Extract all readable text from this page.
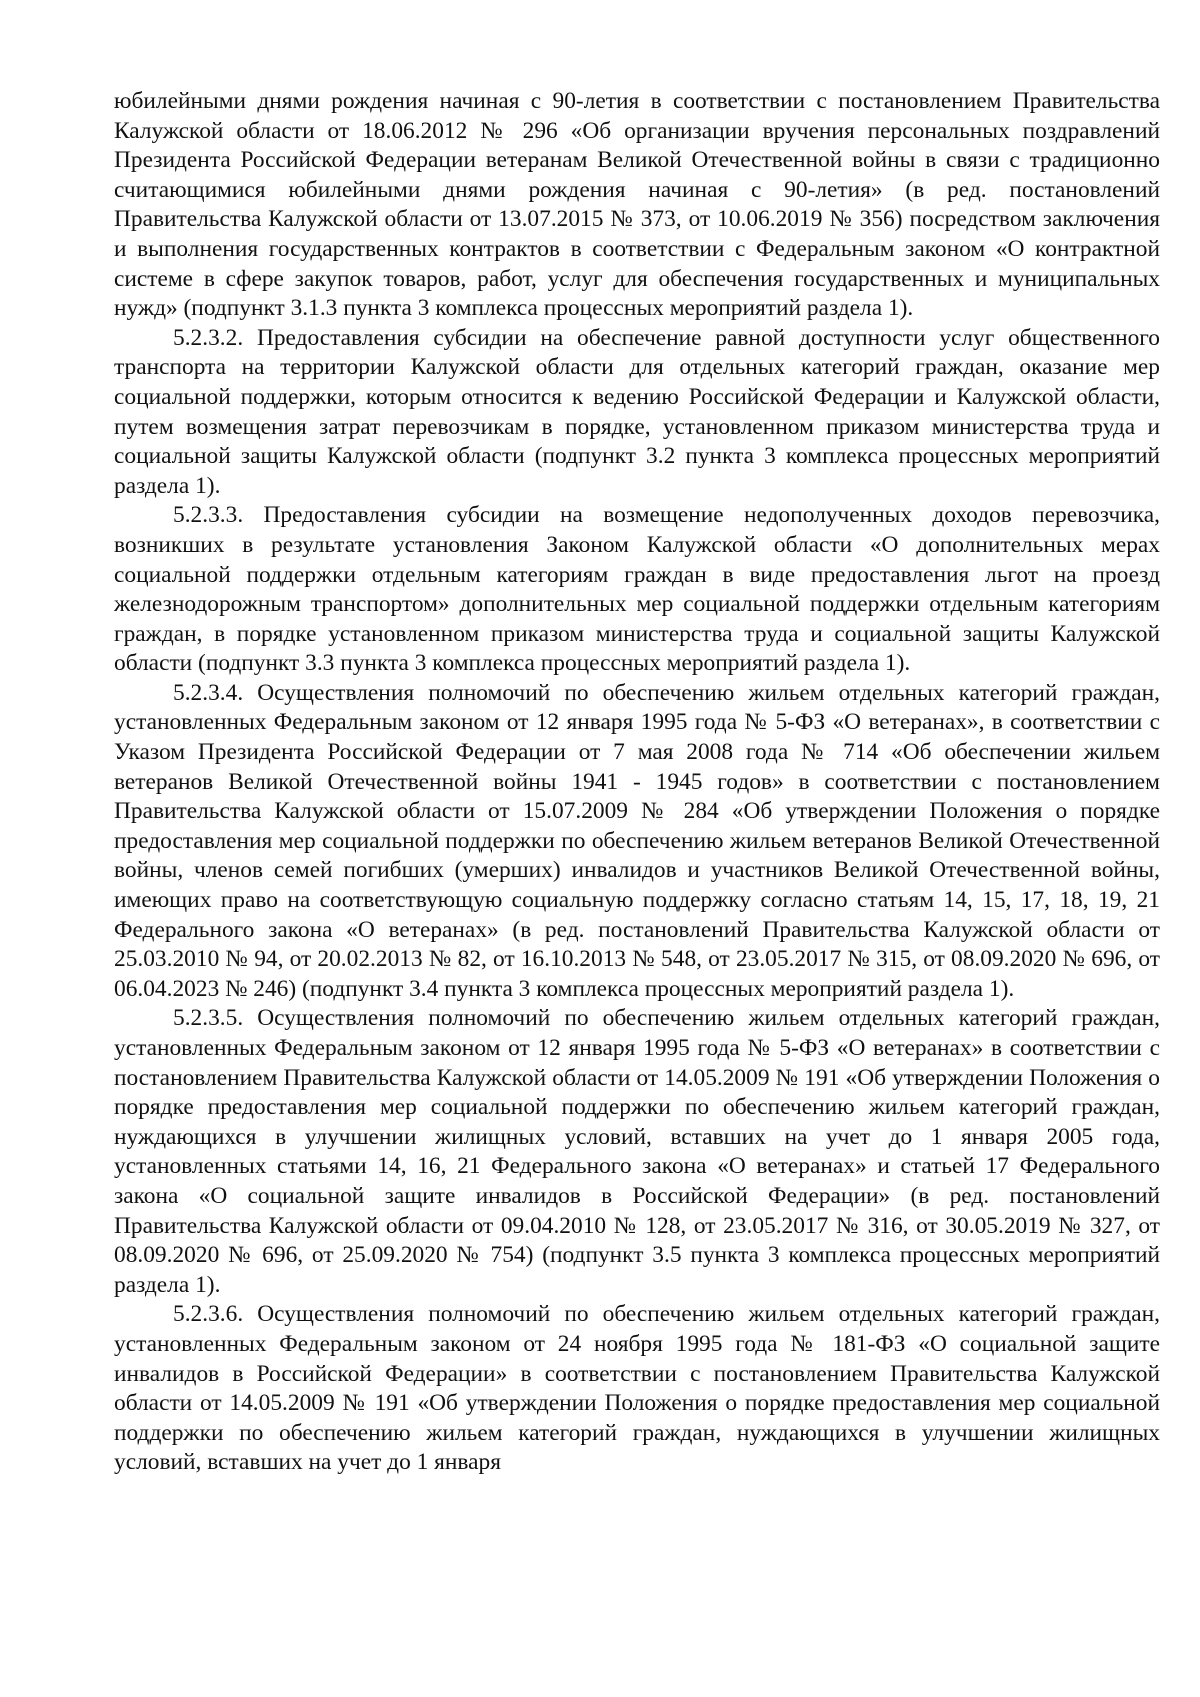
юбилейными днями рождения начиная с 90-летия в соответствии с постановлением Правительства Калужской области от 18.06.2012 № 296 «Об организации вручения персональных поздравлений Президента Российской Федерации ветеранам Великой Отечественной войны в связи с традиционно считающимися юбилейными днями рождения начиная с 90-летия» (в ред. постановлений Правительства Калужской области от 13.07.2015 № 373, от 10.06.2019 № 356) посредством заключения и выполнения государственных контрактов в соответствии с Федеральным законом «О контрактной системе в сфере закупок товаров, работ, услуг для обеспечения государственных и муниципальных нужд» (подпункт 3.1.3 пункта 3 комплекса процессных мероприятий раздела 1).

5.2.3.2. Предоставления субсидии на обеспечение равной доступности услуг общественного транспорта на территории Калужской области для отдельных категорий граждан, оказание мер социальной поддержки, которым относится к ведению Российской Федерации и Калужской области, путем возмещения затрат перевозчикам в порядке, установленном приказом министерства труда и социальной защиты Калужской области (подпункт 3.2 пункта 3 комплекса процессных мероприятий раздела 1).

5.2.3.3. Предоставления субсидии на возмещение недополученных доходов перевозчика, возникших в результате установления Законом Калужской области «О дополнительных мерах социальной поддержки отдельным категориям граждан в виде предоставления льгот на проезд железнодорожным транспортом» дополнительных мер социальной поддержки отдельным категориям граждан, в порядке установленном приказом министерства труда и социальной защиты Калужской области (подпункт 3.3 пункта 3 комплекса процессных мероприятий раздела 1).

5.2.3.4. Осуществления полномочий по обеспечению жильем отдельных категорий граждан, установленных Федеральным законом от 12 января 1995 года № 5-ФЗ «О ветеранах», в соответствии с Указом Президента Российской Федерации от 7 мая 2008 года № 714 «Об обеспечении жильем ветеранов Великой Отечественной войны 1941 - 1945 годов» в соответствии с постановлением Правительства Калужской области от 15.07.2009 № 284 «Об утверждении Положения о порядке предоставления мер социальной поддержки по обеспечению жильем ветеранов Великой Отечественной войны, членов семей погибших (умерших) инвалидов и участников Великой Отечественной войны, имеющих право на соответствующую социальную поддержку согласно статьям 14, 15, 17, 18, 19, 21 Федерального закона «О ветеранах» (в ред. постановлений Правительства Калужской области от 25.03.2010 № 94, от 20.02.2013 № 82, от 16.10.2013 № 548, от 23.05.2017 № 315, от 08.09.2020 № 696, от 06.04.2023 № 246) (подпункт 3.4 пункта 3 комплекса процессных мероприятий раздела 1).

5.2.3.5. Осуществления полномочий по обеспечению жильем отдельных категорий граждан, установленных Федеральным законом от 12 января 1995 года № 5-ФЗ «О ветеранах» в соответствии с постановлением Правительства Калужской области от 14.05.2009 № 191 «Об утверждении Положения о порядке предоставления мер социальной поддержки по обеспечению жильем категорий граждан, нуждающихся в улучшении жилищных условий, вставших на учет до 1 января 2005 года, установленных статьями 14, 16, 21 Федерального закона «О ветеранах» и статьей 17 Федерального закона «О социальной защите инвалидов в Российской Федерации» (в ред. постановлений Правительства Калужской области от 09.04.2010 № 128, от 23.05.2017 № 316, от 30.05.2019 № 327, от 08.09.2020 № 696, от 25.09.2020 № 754) (подпункт 3.5 пункта 3 комплекса процессных мероприятий раздела 1).

5.2.3.6. Осуществления полномочий по обеспечению жильем отдельных категорий граждан, установленных Федеральным законом от 24 ноября 1995 года № 181-ФЗ «О социальной защите инвалидов в Российской Федерации» в соответствии с постановлением Правительства Калужской области от 14.05.2009 № 191 «Об утверждении Положения о порядке предоставления мер социальной поддержки по обеспечению жильем категорий граждан, нуждающихся в улучшении жилищных условий, вставших на учет до 1 января
